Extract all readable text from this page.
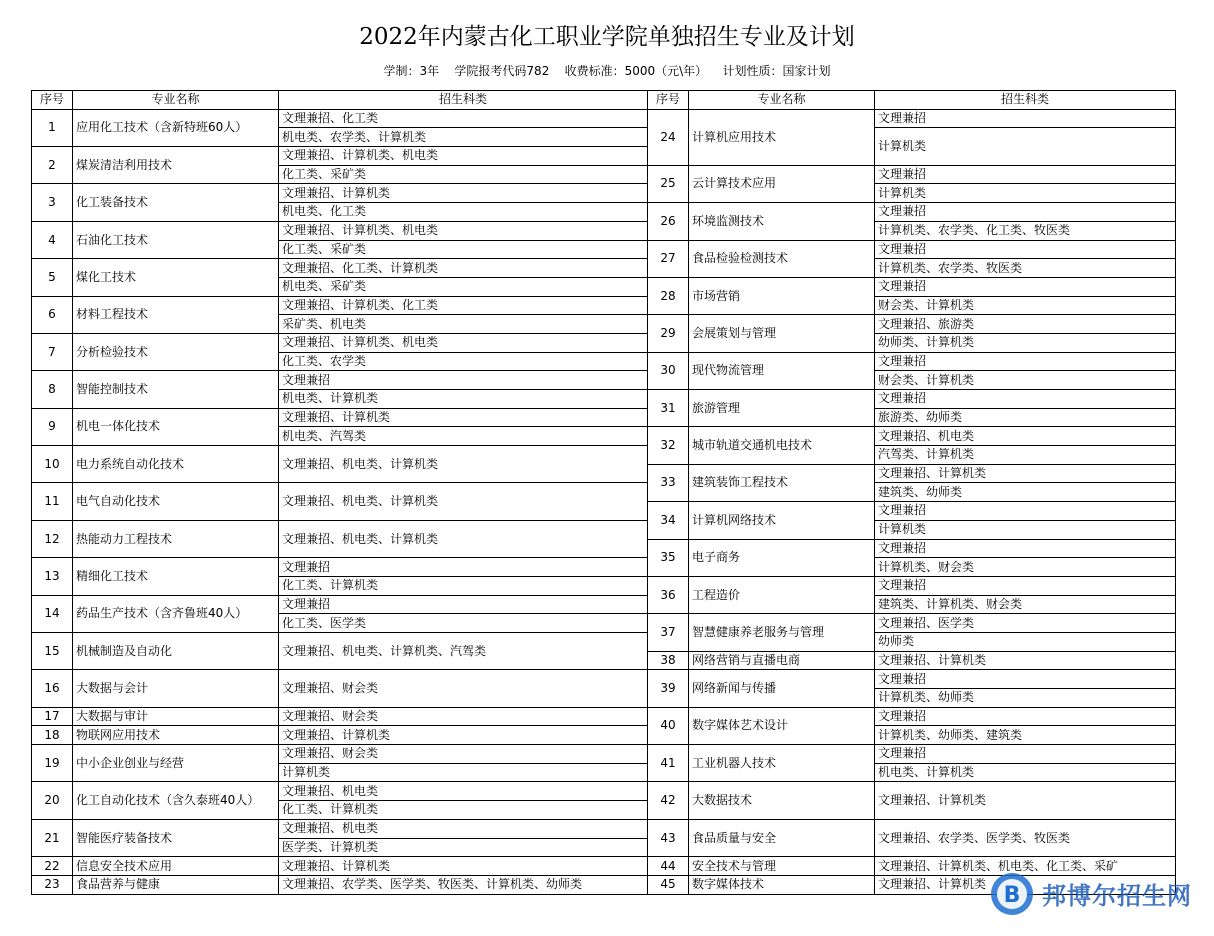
2022年内蒙古化工职业学院单独招生专业及计划
学制：3年 学院报考代码782 收费标准：5000（元\年） 计划性质：国家计划
序号	专业名称	招生科类	序号	专业名称	招生科类
1	应用化工技术（含新特班60人）	文理兼招、化工类	24	计算机应用技术	文理兼招
		机电类、农学类、计算机类			计算机类
2	煤炭清洁利用技术	文理兼招、计算机类、机电类			
		化工类、采矿类	25	云计算技术应用	文理兼招
3	化工装备技术	文理兼招、计算机类			计算机类
		机电类、化工类	26	环境监测技术	文理兼招
4	石油化工技术	文理兼招、计算机类、机电类			计算机类、农学类、化工类、牧医类
		化工类、采矿类	27	食品检验检测技术	文理兼招
5	煤化工技术	文理兼招、化工类、计算机类			计算机类、农学类、牧医类
		机电类、采矿类	28	市场营销	文理兼招
6	材料工程技术	文理兼招、计算机类、化工类			财会类、计算机类
		采矿类、机电类	29	会展策划与管理	文理兼招、旅游类
7	分析检验技术	文理兼招、计算机类、机电类			幼师类、计算机类
		化工类、农学类	30	现代物流管理	文理兼招
8	智能控制技术	文理兼招			财会类、计算机类
		机电类、计算机类	31	旅游管理	文理兼招
9	机电一体化技术	文理兼招、计算机类			旅游类、幼师类
		机电类、汽驾类	32	城市轨道交通机电技术	文理兼招、机电类
10	电力系统自动化技术	文理兼招、机电类、计算机类			汽驾类、计算机类
			33	建筑装饰工程技术	文理兼招、计算机类
11	电气自动化技术	文理兼招、机电类、计算机类			建筑类、幼师类
			34	计算机网络技术	文理兼招
12	热能动力工程技术	文理兼招、机电类、计算机类			计算机类
			35	电子商务	文理兼招
13	精细化工技术	文理兼招			计算机类、财会类
		化工类、计算机类	36	工程造价	文理兼招
14	药品生产技术（含齐鲁班40人）	文理兼招			建筑类、计算机类、财会类
		化工类、医学类	37	智慧健康养老服务与管理	文理兼招、医学类
15	机械制造及自动化	文理兼招、机电类、计算机类、汽驾类			幼师类
			38	网络营销与直播电商	文理兼招、计算机类
16	大数据与会计	文理兼招、财会类	39	网络新闻与传播	文理兼招
					计算机类、幼师类
17	大数据与审计	文理兼招、财会类	40	数字媒体艺术设计	文理兼招
18	物联网应用技术	文理兼招、计算机类			计算机类、幼师类、建筑类
19	中小企业创业与经营	文理兼招、财会类	41	工业机器人技术	文理兼招
		计算机类			机电类、计算机类
20	化工自动化技术（含久泰班40人）	文理兼招、机电类	42	大数据技术	文理兼招、计算机类
		化工类、计算机类			
21	智能医疗装备技术	文理兼招、机电类	43	食品质量与安全	文理兼招、农学类、医学类、牧医类
		医学类、计算机类			
22	信息安全技术应用	文理兼招、计算机类	44	安全技术与管理	文理兼招、计算机类、机电类、化工类、采矿
23	食品营养与健康	文理兼招、农学类、医学类、牧医类、计算机类、幼师类	45	数字媒体技术	文理兼招、计算机类 B 邦博尔招生网
